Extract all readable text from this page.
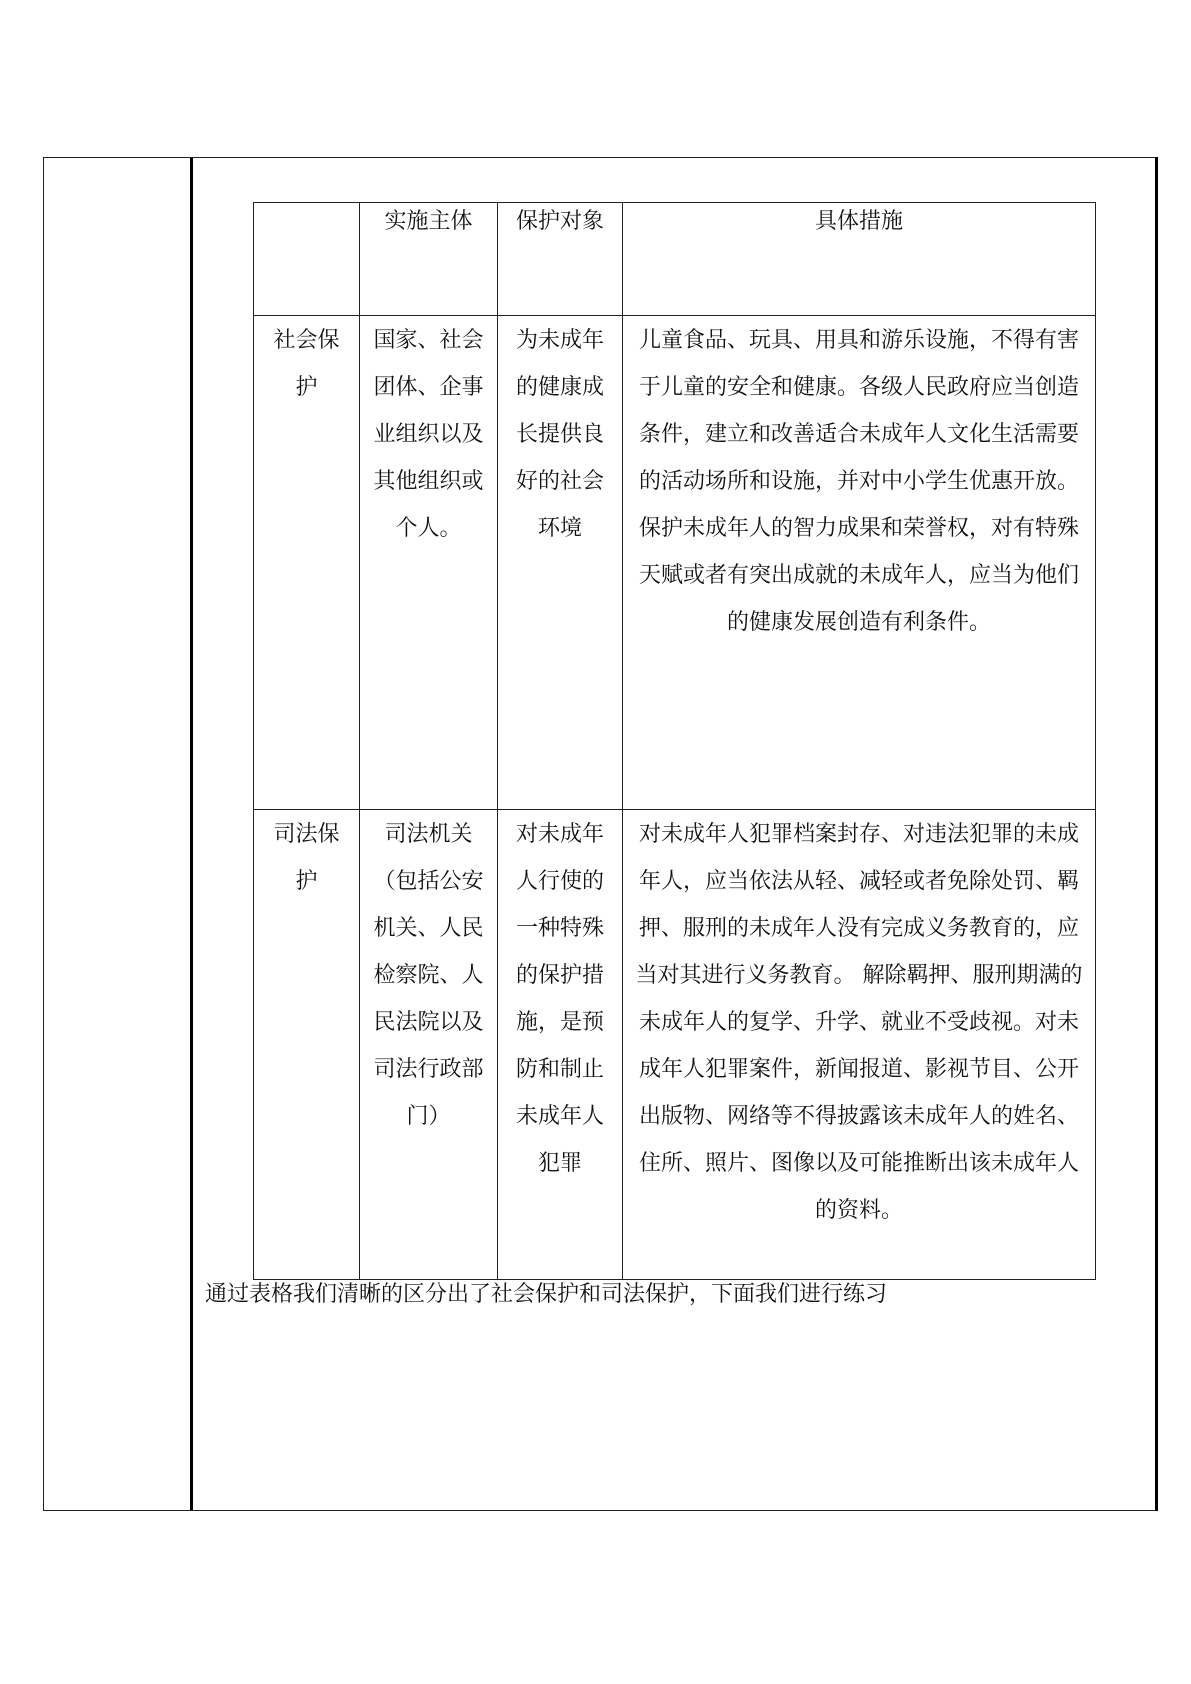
	实施主体	保护对象	具体措施

社会保护	国家、社会团体、企事业组织以及其他组织或个人。	为未成年的健康成长提供良好的社会环境	儿童食品、玩具、用具和游乐设施，不得有害于儿童的安全和健康。各级人民政府应当创造条件，建立和改善适合未成年人文化生活需要的活动场所和设施，并对中小学生优惠开放。保护未成年人的智力成果和荣誉权，对有特殊天赋或者有突出成就的未成年人，应当为他们的健康发展创造有利条件。

司法保护	司法机关（包括公安机关、人民检察院、人民法院以及司法行政部门）	对未成年人行使的一种特殊的保护措施，是预防和制止未成年人犯罪	对未成年人犯罪档案封存、对违法犯罪的未成年人，应当依法从轻、减轻或者免除处罚、羁押、服刑的未成年人没有完成义务教育的，应当对其进行义务教育。 解除羁押、服刑期满的未成年人的复学、升学、就业不受歧视。对未成年人犯罪案件，新闻报道、影视节目、公开出版物、网络等不得披露该未成年人的姓名、住所、照片、图像以及可能推断出该未成年人的资料。
通过表格我们清晰的区分出了社会保护和司法保护，下面我们进行练习
